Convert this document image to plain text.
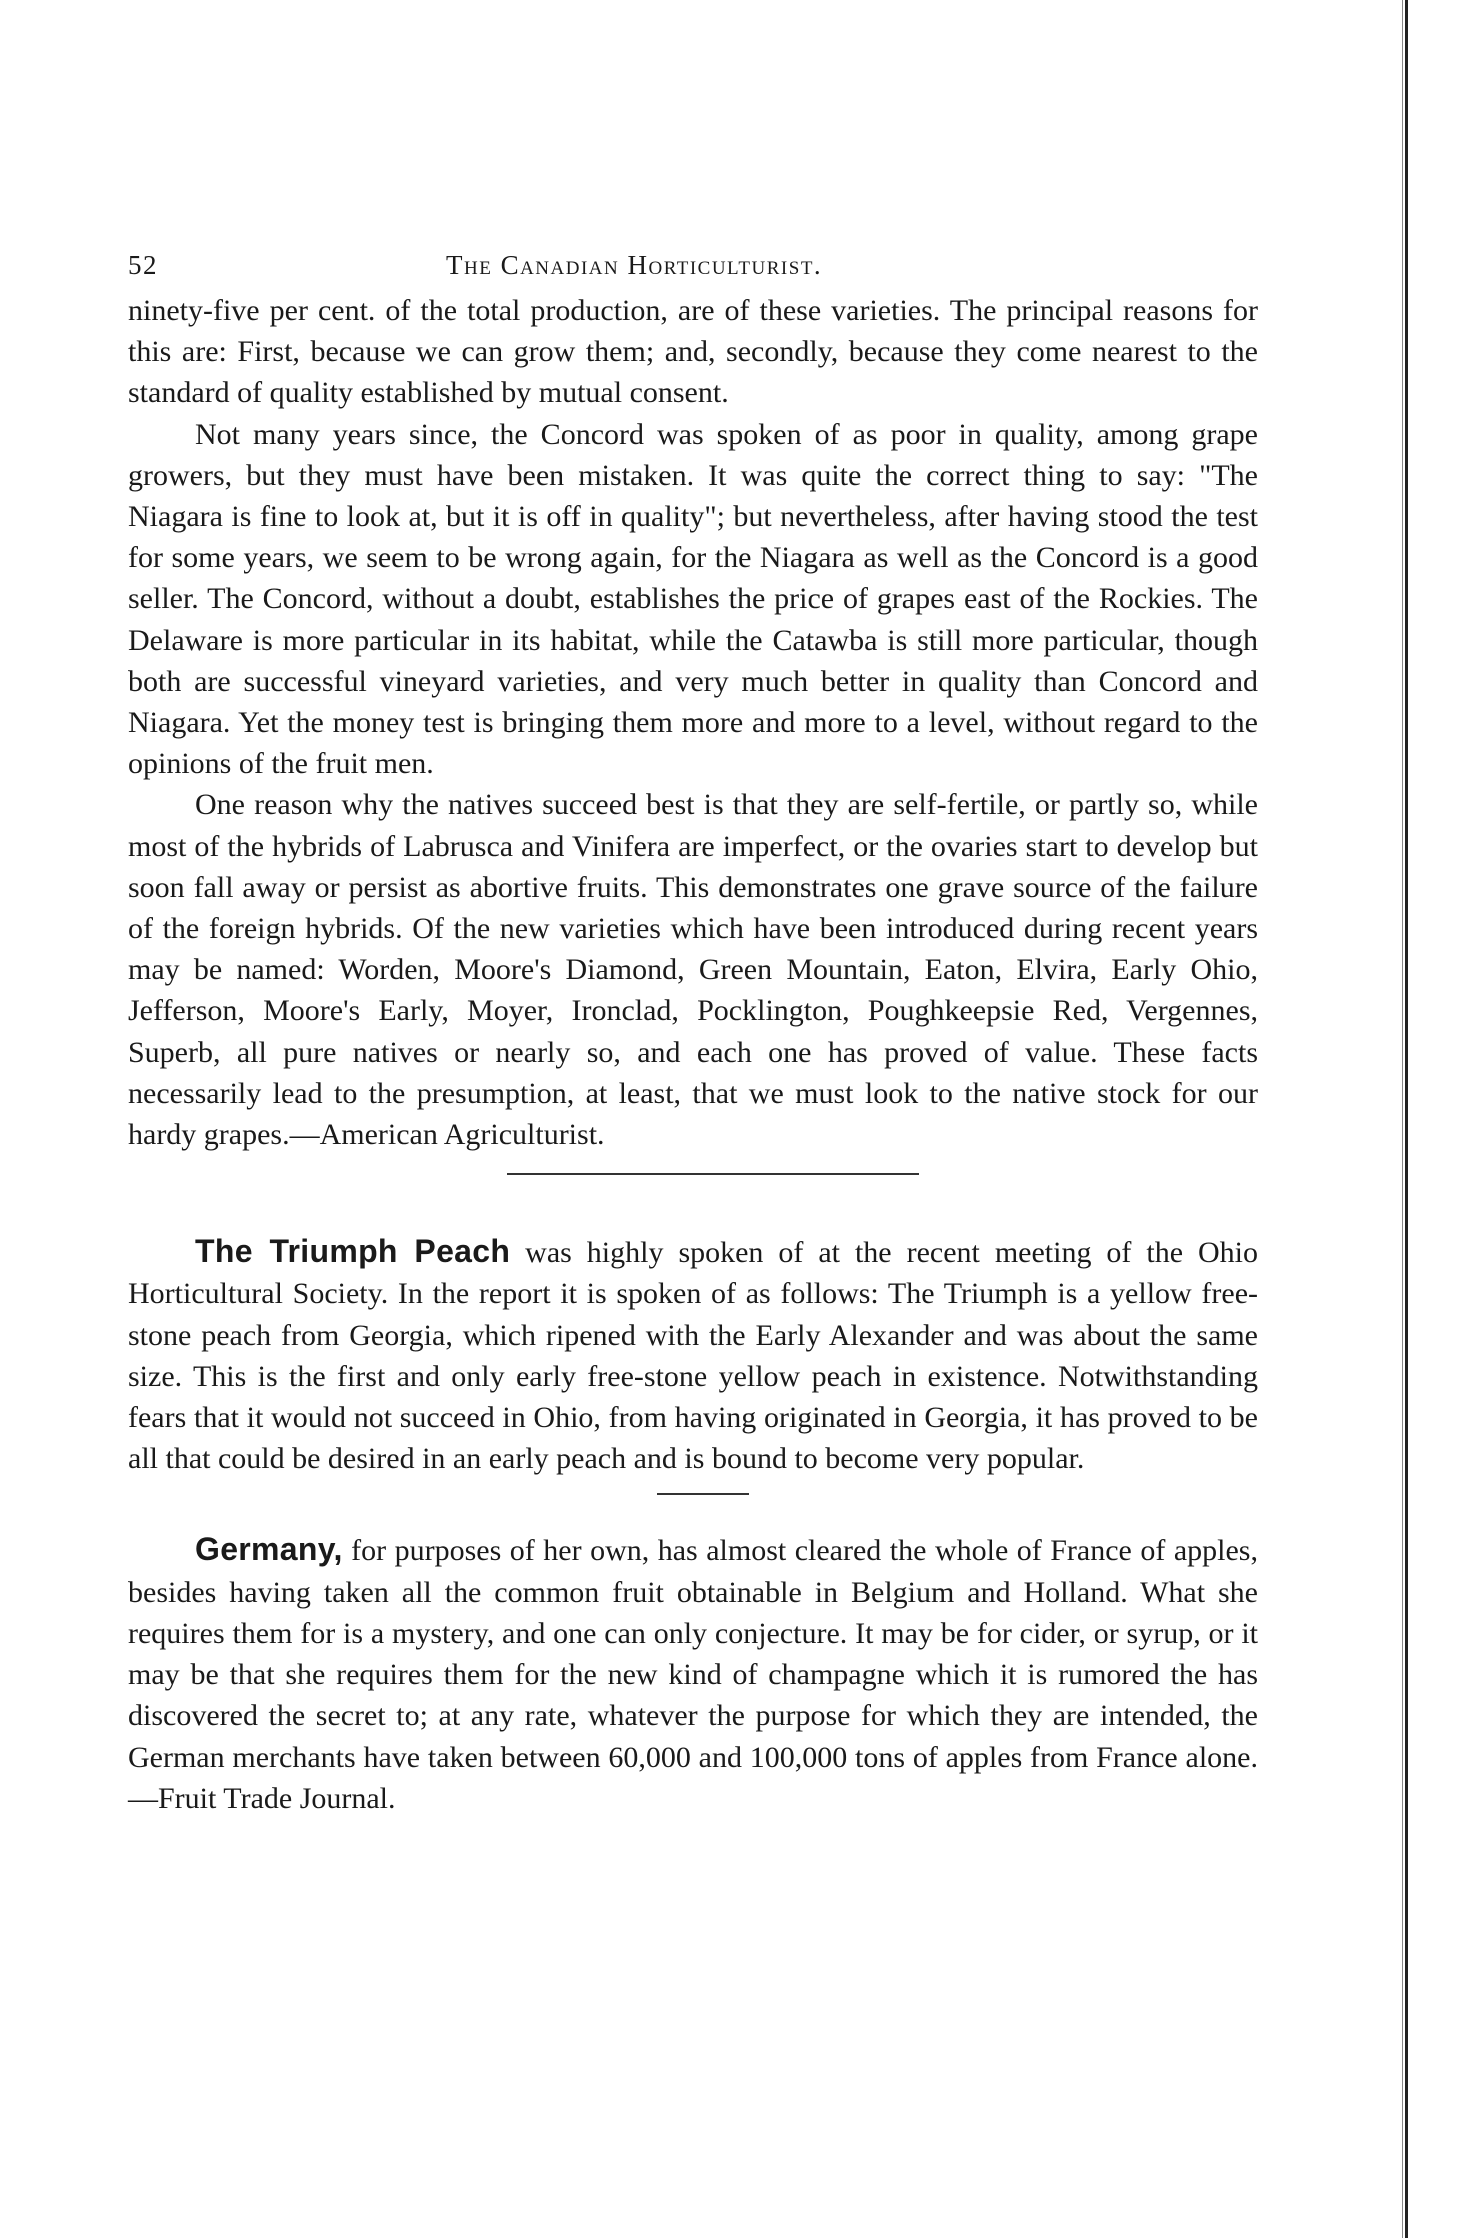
52	The Canadian Horticulturist.

ninety-five per cent. of the total production, are of these varieties. The principal reasons for this are: First, because we can grow them; and, secondly, because they come nearest to the standard of quality established by mutual consent.

Not many years since, the Concord was spoken of as poor in quality, among grape growers, but they must have been mistaken. It was quite the correct thing to say: "The Niagara is fine to look at, but it is off in quality"; but nevertheless, after having stood the test for some years, we seem to be wrong again, for the Niagara as well as the Concord is a good seller. The Concord, without a doubt, establishes the price of grapes east of the Rockies. The Delaware is more particular in its habitat, while the Catawba is still more particular, though both are successful vineyard varieties, and very much better in quality than Concord and Niagara. Yet the money test is bringing them more and more to a level, without regard to the opinions of the fruit men.

One reason why the natives succeed best is that they are self-fertile, or partly so, while most of the hybrids of Labrusca and Vinifera are imperfect, or the ovaries start to develop but soon fall away or persist as abortive fruits. This demonstrates one grave source of the failure of the foreign hybrids. Of the new varieties which have been introduced during recent years may be named: Worden, Moore's Diamond, Green Mountain, Eaton, Elvira, Early Ohio, Jefferson, Moore's Early, Moyer, Ironclad, Pocklington, Poughkeepsie Red, Vergennes, Superb, all pure natives or nearly so, and each one has proved of value. These facts necessarily lead to the presumption, at least, that we must look to the native stock for our hardy grapes.—American Agriculturist.

The Triumph Peach was highly spoken of at the recent meeting of the Ohio Horticultural Society. In the report it is spoken of as follows: The Triumph is a yellow free-stone peach from Georgia, which ripened with the Early Alexander and was about the same size. This is the first and only early free-stone yellow peach in existence. Notwithstanding fears that it would not succeed in Ohio, from having originated in Georgia, it has proved to be all that could be desired in an early peach and is bound to become very popular.

Germany, for purposes of her own, has almost cleared the whole of France of apples, besides having taken all the common fruit obtainable in Belgium and Holland. What she requires them for is a mystery, and one can only conjecture. It may be for cider, or syrup, or it may be that she requires them for the new kind of champagne which it is rumored the has discovered the secret to; at any rate, whatever the purpose for which they are intended, the German merchants have taken between 60,000 and 100,000 tons of apples from France alone.—Fruit Trade Journal.
